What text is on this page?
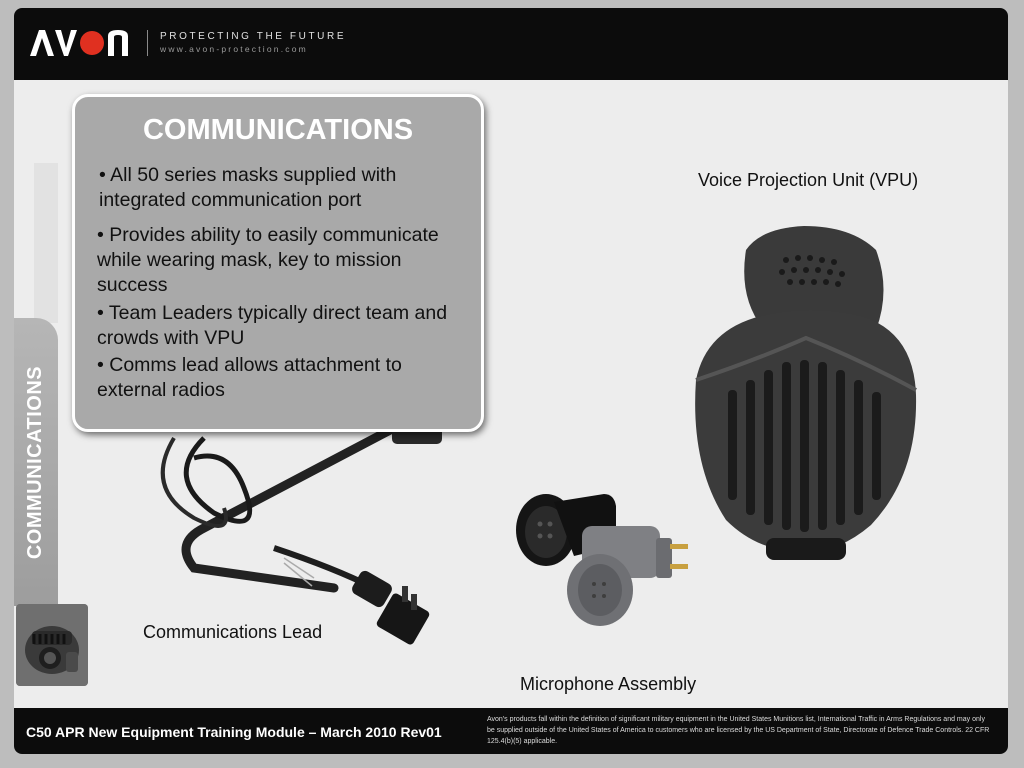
PROTECTING THE FUTURE
www.avon-protection.com
COMMUNICATIONS
COMMUNICATIONS

• All 50 series masks supplied with integrated communication port

• Provides ability to easily communicate while wearing mask, key to mission success

• Team Leaders typically direct team and crowds with VPU

• Comms lead allows attachment to external radios

Voice Projection Unit (VPU)
Communications Lead
Microphone Assembly
C50 APR New Equipment Training Module – March 2010 Rev01
Avon's products fall within the definition of significant military equipment in the United States Munitions list, International Traffic in Arms Regulations and may only be supplied outside of the United States of America to customers who are licensed by the US Department of State, Directorate of Defence Trade Controls. 22 CFR 125.4(b)(5) applicable.
